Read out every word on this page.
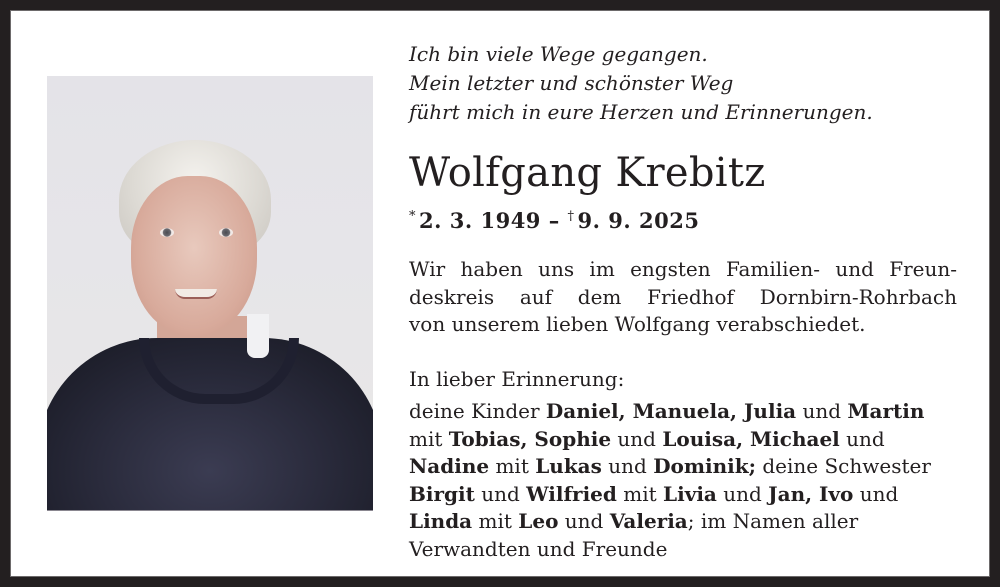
Ich bin viele Wege gegangen.
Mein letzter und schönster Weg
führt mich in eure Herzen und Erinnerungen.
Wolfgang Krebitz
* 2. 3. 1949 – † 9. 9. 2025
Wir haben uns im engsten Familien- und Freun-
deskreis auf dem Friedhof Dornbirn-Rohrbach
von unserem lieben Wolfgang verabschiedet.
In lieber Erinnerung:
deine Kinder Daniel, Manuela, Julia und Martin
mit Tobias, Sophie und Louisa, Michael und
Nadine mit Lukas und Dominik; deine Schwester
Birgit und Wilfried mit Livia und Jan, Ivo und
Linda mit Leo und Valeria; im Namen aller
Verwandten und Freunde
